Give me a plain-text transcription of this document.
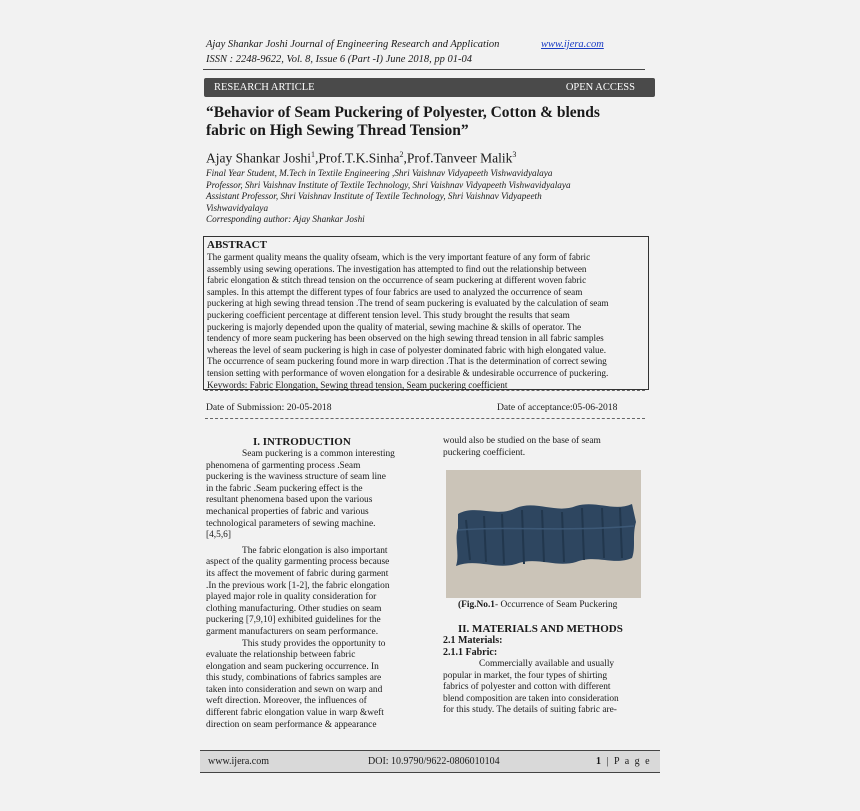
Ajay Shankar Joshi Journal of Engineering Research and Application	www.ijera.com
ISSN : 2248-9622, Vol. 8, Issue 6 (Part -I) June 2018, pp 01-04
RESEARCH ARTICLE	OPEN ACCESS
“Behavior of Seam Puckering of Polyester, Cotton & blends
fabric on High Sewing Thread Tension”
Ajay Shankar Joshi$^1$,Prof.T.K.Sinha$^2$,Prof.Tanveer Malik$^3$
Final Year Student, M.Tech in Textile Engineering ,Shri Vaishnav Vidyapeeth Vishwavidyalaya
Professor, Shri Vaishnav Institute of Textile Technology, Shri Vaishnav Vidyapeeth Vishwavidyalaya
Assistant Professor, Shri Vaishnav Institute of Textile Technology, Shri Vaishnav Vidyapeeth
Vishwavidyalaya
Corresponding author: Ajay Shankar Joshi
ABSTRACT
The garment quality means the quality ofseam, which is the very important feature of any form of fabric
assembly using sewing operations. The investigation has attempted to find out the relationship between
fabric elongation & stitch thread tension on the occurrence of seam puckering at different woven fabric
samples. In this attempt the different types of four fabrics are used to analyzed the occurrence of seam
puckering at high sewing thread tension .The trend of seam puckering is evaluated by the calculation of seam
puckering coefficient percentage at different tension level. This study brought the results that seam
puckering is majorly depended upon the quality of material, sewing machine & skills of operator. The
tendency of more seam puckering has been observed on the high sewing thread tension in all fabric samples
whereas the level of seam puckering is high in case of polyester dominated fabric with high elongated value.
The occurrence of seam puckering found more in warp direction .That is the determination of correct sewing
tension setting with performance of woven elongation for a desirable & undesirable occurrence of puckering.
Keywords: Fabric Elongation, Sewing thread tension, Seam puckering coefficient
Date of Submission: 20-05-2018	Date of acceptance:05-06-2018
I. INTRODUCTION
Seam puckering is a common interesting
phenomena of garmenting process .Seam
puckering is the waviness structure of seam line
in the fabric .Seam puckering effect is the
resultant phenomena based upon the various
mechanical properties of fabric and various
technological parameters of sewing machine.
[4,5,6]
The fabric elongation is also important
aspect of the quality garmenting process because
its affect the movement of fabric during garment
.In the previous work [1-2], the fabric elongation
played major role in quality consideration for
clothing manufacturing. Other studies on seam
puckering [7,9,10] exhibited guidelines for the
garment manufacturers on seam performance.
This study provides the opportunity to
evaluate the relationship between fabric
elongation and seam puckering occurrence. In
this study, combinations of fabrics samples are
taken into consideration and sewn on warp and
weft direction. Moreover, the influences of
different fabric elongation value in warp &weft
direction on seam performance & appearance
would also be studied on the base of seam
puckering coefficient.
(Fig.No.1- Occurrence of Seam Puckering
II. MATERIALS AND METHODS
2.1 Materials:
2.1.1 Fabric:
Commercially available and usually
popular in market, the four types of shirting
fabrics of polyester and cotton with different
blend composition are taken into consideration
for this study. The details of suiting fabric are-
www.ijera.com	DOI: 10.9790/9622-0806010104	1 | P a g e
